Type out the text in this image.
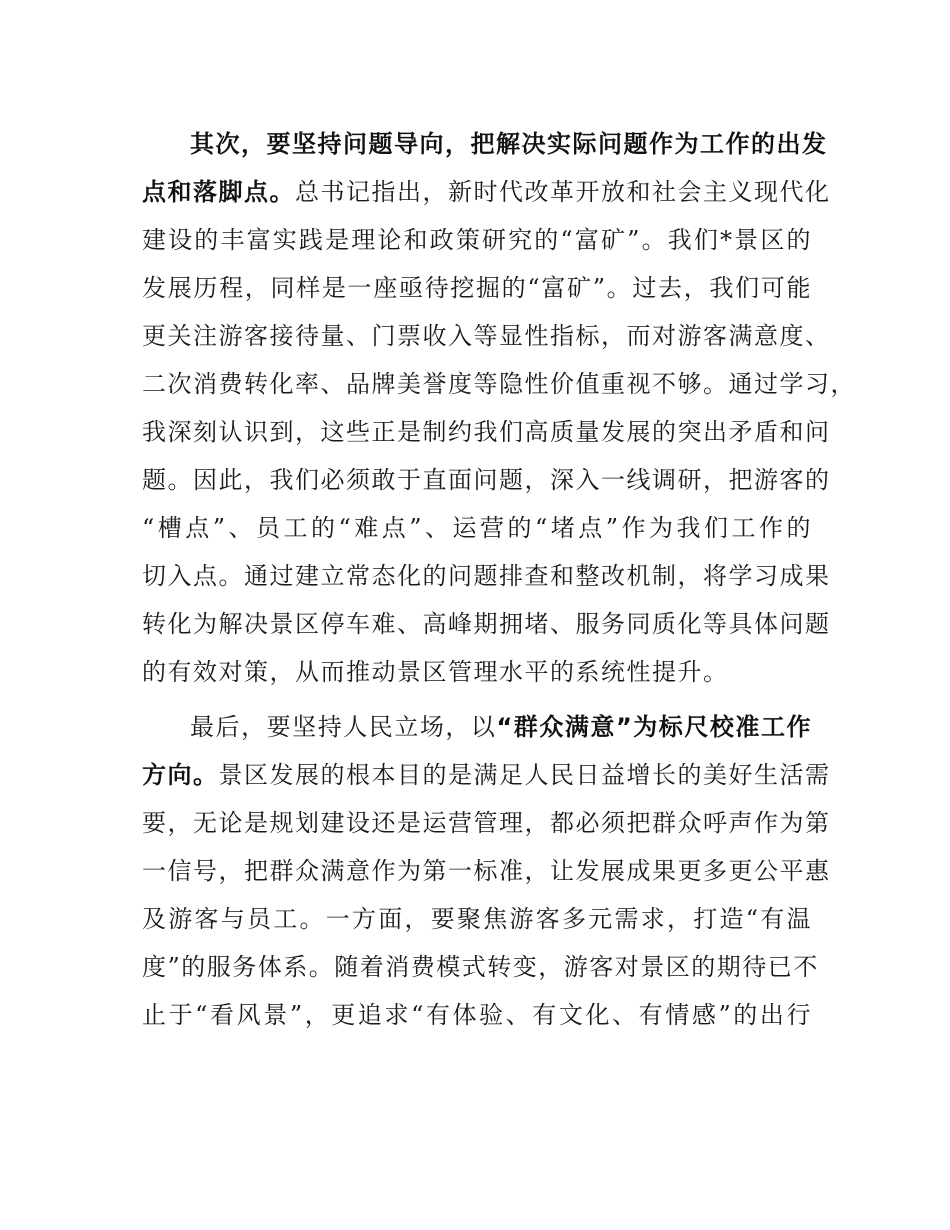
其次，要坚持问题导向，把解决实际问题作为工作的出发
点和落脚点。总书记指出，新时代改革开放和社会主义现代化
建设的丰富实践是理论和政策研究的“富矿”。我们*景区的
发展历程，同样是一座亟待挖掘的“富矿”。过去，我们可能
更关注游客接待量、门票收入等显性指标，而对游客满意度、
二次消费转化率、品牌美誉度等隐性价值重视不够。通过学习，
我深刻认识到，这些正是制约我们高质量发展的突出矛盾和问
题。因此，我们必须敢于直面问题，深入一线调研，把游客的
“槽点”、员工的“难点”、运营的“堵点”作为我们工作的
切入点。通过建立常态化的问题排查和整改机制，将学习成果
转化为解决景区停车难、高峰期拥堵、服务同质化等具体问题
的有效对策，从而推动景区管理水平的系统性提升。
最后，要坚持人民立场，以“群众满意”为标尺校准工作
方向。景区发展的根本目的是满足人民日益增长的美好生活需
要，无论是规划建设还是运营管理，都必须把群众呼声作为第
一信号，把群众满意作为第一标准，让发展成果更多更公平惠
及游客与员工。一方面，要聚焦游客多元需求，打造“有温
度”的服务体系。随着消费模式转变，游客对景区的期待已不
止于“看风景”，更追求“有体验、有文化、有情感”的出行
